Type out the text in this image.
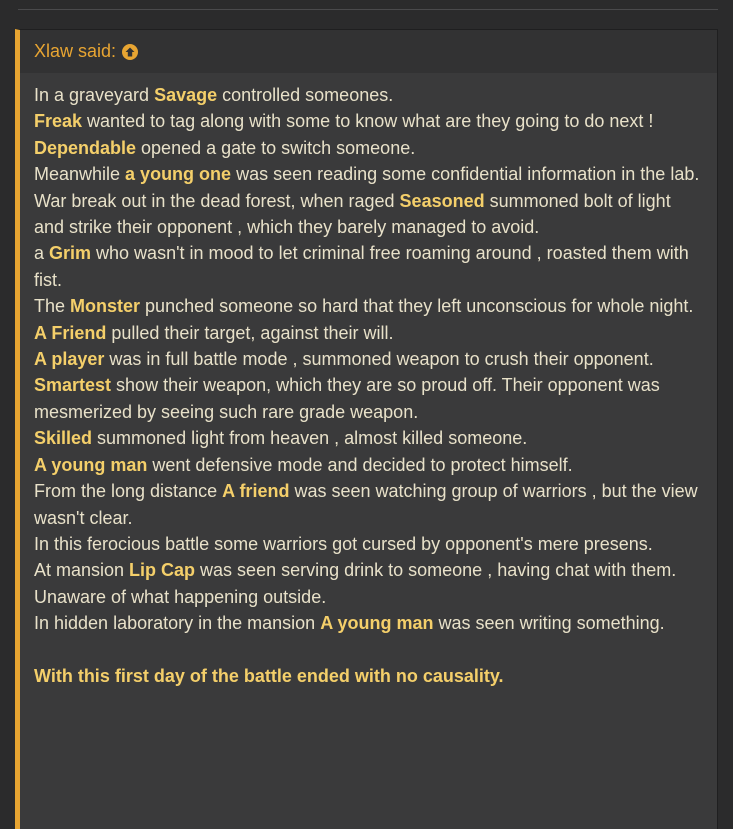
Xlaw said:
In a graveyard Savage controlled someones.
Freak wanted to tag along with some to know what are they going to do next !
Dependable opened a gate to switch someone.
Meanwhile a young one was seen reading some confidential information in the lab.
War break out in the dead forest, when raged Seasoned summoned bolt of light and strike their opponent , which they barely managed to avoid.
a Grim who wasn't in mood to let criminal free roaming around , roasted them with fist.
The Monster punched someone so hard that they left unconscious for whole night.
A Friend pulled their target, against their will.
A player was in full battle mode , summoned weapon to crush their opponent.
Smartest show their weapon, which they are so proud off. Their opponent was mesmerized by seeing such rare grade weapon.
Skilled summoned light from heaven , almost killed someone.
A young man went defensive mode and decided to protect himself.
From the long distance A friend was seen watching group of warriors , but the view wasn't clear.
In this ferocious battle some warriors got cursed by opponent's mere presens.
At mansion Lip Cap was seen serving drink to someone , having chat with them. Unaware of what happening outside.
In hidden laboratory in the mansion A young man was seen writing something.
With this first day of the battle ended with no causality.
